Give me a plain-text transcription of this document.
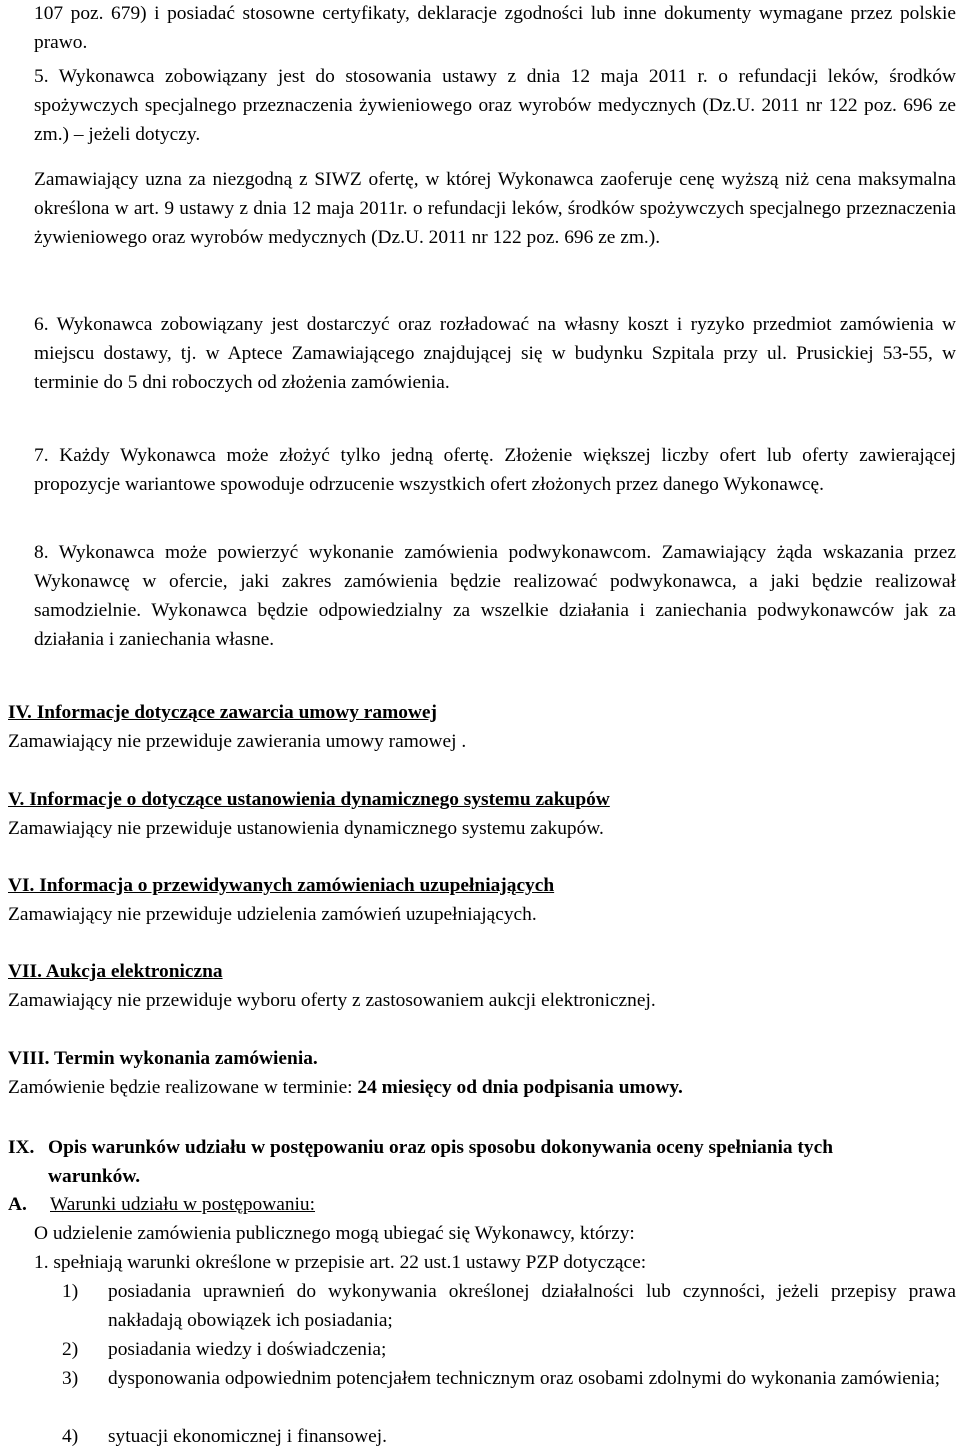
107 poz. 679) i posiadać stosowne certyfikaty, deklaracje zgodności lub inne dokumenty wymagane przez polskie prawo.

5. Wykonawca zobowiązany jest do stosowania ustawy z dnia 12 maja 2011 r. o refundacji leków, środków spożywczych specjalnego przeznaczenia żywieniowego oraz wyrobów medycznych (Dz.U. 2011 nr 122 poz. 696 ze zm.) – jeżeli dotyczy.

Zamawiający uzna za niezgodną z SIWZ ofertę, w której Wykonawca zaoferuje cenę wyższą niż cena maksymalna określona w art. 9 ustawy z dnia 12 maja 2011r. o refundacji leków, środków spożywczych specjalnego przeznaczenia żywieniowego oraz wyrobów medycznych (Dz.U. 2011 nr 122 poz. 696 ze zm.).

6. Wykonawca zobowiązany jest dostarczyć oraz rozładować na własny koszt i ryzyko przedmiot zamówienia w miejscu dostawy, tj. w Aptece Zamawiającego znajdującej się w budynku Szpitala przy ul. Prusickiej 53-55, w terminie do 5 dni roboczych od złożenia zamówienia.

7. Każdy Wykonawca może złożyć tylko jedną ofertę. Złożenie większej liczby ofert lub oferty zawierającej propozycje wariantowe spowoduje odrzucenie wszystkich ofert złożonych przez danego Wykonawcę.

8. Wykonawca może powierzyć wykonanie zamówienia podwykonawcom. Zamawiający żąda wskazania przez Wykonawcę w ofercie, jaki zakres zamówienia będzie realizować podwykonawca, a jaki będzie realizował samodzielnie. Wykonawca będzie odpowiedzialny za wszelkie działania i zaniechania podwykonawców jak za działania i zaniechania własne.

IV. Informacje dotyczące zawarcia umowy ramowej

Zamawiający nie przewiduje zawierania umowy ramowej .

V. Informacje o dotyczące ustanowienia dynamicznego systemu zakupów

Zamawiający nie przewiduje ustanowienia dynamicznego systemu zakupów.

VI. Informacja o przewidywanych zamówieniach uzupełniających

Zamawiający nie przewiduje udzielenia zamówień uzupełniających.

VII. Aukcja elektroniczna

Zamawiający nie przewiduje wyboru oferty z zastosowaniem aukcji elektronicznej.

VIII. Termin wykonania zamówienia.

Zamówienie będzie realizowane w terminie: 24 miesięcy od dnia podpisania umowy.

IX. Opis warunków udziału w postępowaniu oraz opis sposobu dokonywania oceny spełniania tych warunków.
A. Warunki udziału w postępowaniu:

O udzielenie zamówienia publicznego mogą ubiegać się Wykonawcy, którzy:

1. spełniają warunki określone w przepisie art. 22 ust.1 ustawy PZP dotyczące:

1) posiadania uprawnień do wykonywania określonej działalności lub czynności, jeżeli przepisy prawa nakładają obowiązek ich posiadania;

2) posiadania wiedzy i doświadczenia;

3) dysponowania odpowiednim potencjałem technicznym oraz osobami zdolnymi do wykonania zamówienia;

4) sytuacji ekonomicznej i finansowej.
